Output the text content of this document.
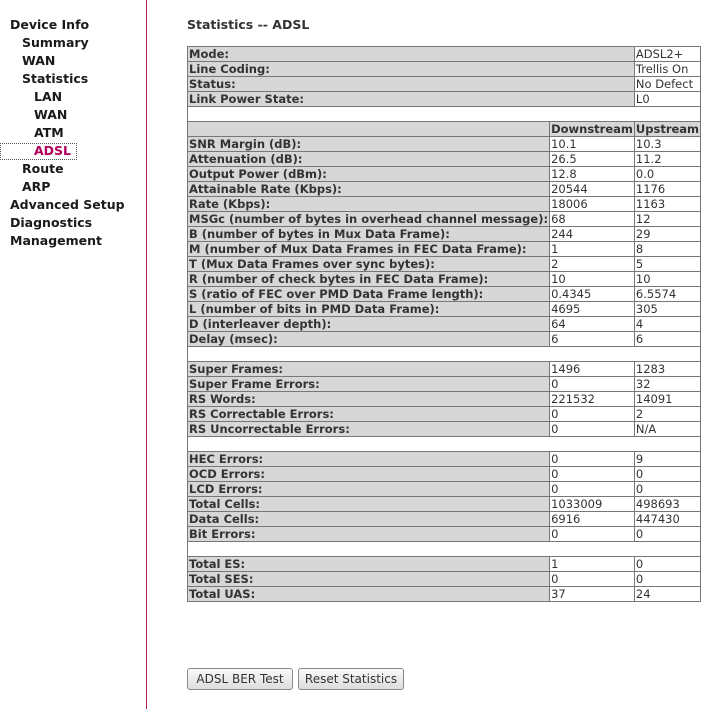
Device Info
Summary
WAN
Statistics
LAN
WAN
ATM
ADSL
Route
ARP
Advanced Setup
Diagnostics
Management
Statistics -- ADSL
Mode:		ADSL2+
Line Coding:		Trellis On
Status:		No Defect
Link Power State:		L0

	Downstream	Upstream
SNR Margin (dB):	10.1	10.3
Attenuation (dB):	26.5	11.2
Output Power (dBm):	12.8	0.0
Attainable Rate (Kbps):	20544	1176
Rate (Kbps):	18006	1163
MSGc (number of bytes in overhead channel message):	68	12
B (number of bytes in Mux Data Frame):	244	29
M (number of Mux Data Frames in FEC Data Frame):	1	8
T (Mux Data Frames over sync bytes):	2	5
R (number of check bytes in FEC Data Frame):	10	10
S (ratio of FEC over PMD Data Frame length):	0.4345	6.5574
L (number of bits in PMD Data Frame):	4695	305
D (interleaver depth):	64	4
Delay (msec):	6	6

Super Frames:	1496	1283
Super Frame Errors:	0	32
RS Words:	221532	14091
RS Correctable Errors:	0	2
RS Uncorrectable Errors:	0	N/A

HEC Errors:	0	9
OCD Errors:	0	0
LCD Errors:	0	0
Total Cells:	1033009	498693
Data Cells:	6916	447430
Bit Errors:	0	0

Total ES:	1	0
Total SES:	0	0
Total UAS:	37	24
ADSL BER Test	Reset Statistics
